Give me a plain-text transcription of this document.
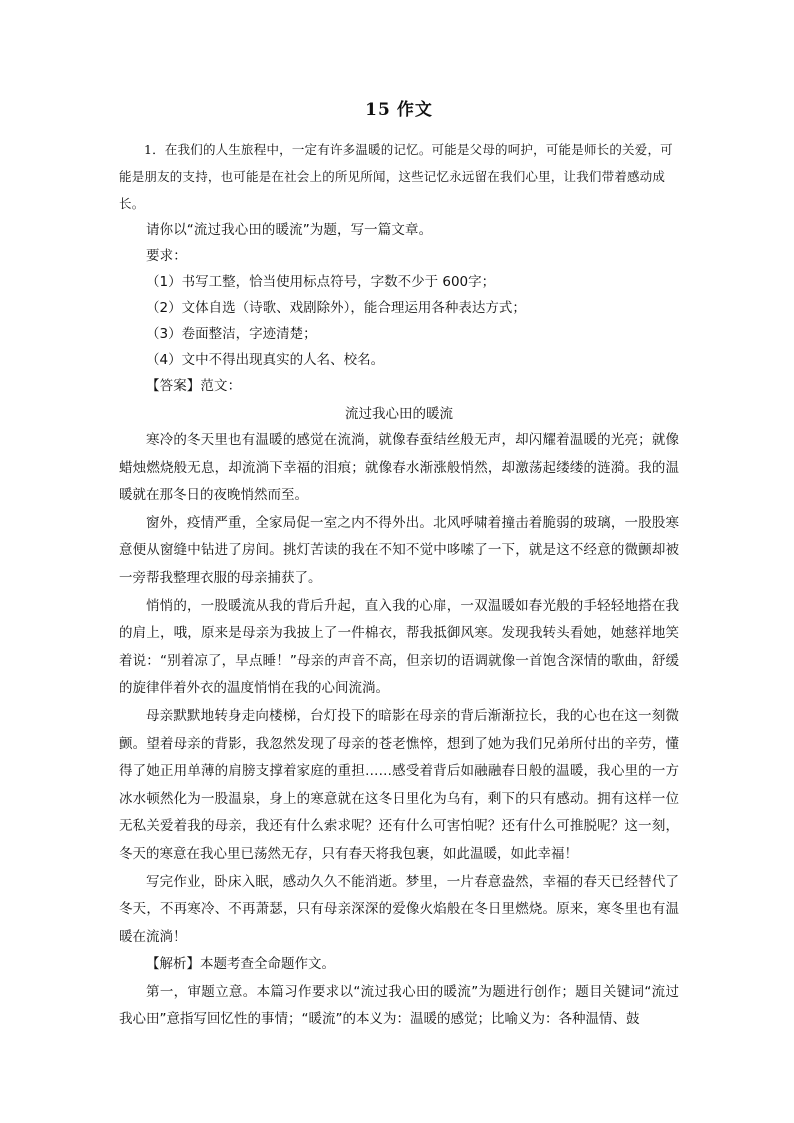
15 作文

1．在我们的人生旅程中，一定有许多温暖的记忆。可能是父母的呵护，可能是师长的关爱，可能是朋友的支持，也可能是在社会上的所见所闻，这些记忆永远留在我们心里，让我们带着感动成长。

请你以“流过我心田的暖流”为题，写一篇文章。

要求：

（1）书写工整，恰当使用标点符号，字数不少于 600字；

（2）文体自选（诗歌、戏剧除外），能合理运用各种表达方式；

（3）卷面整洁，字迹清楚；

（4）文中不得出现真实的人名、校名。

【答案】范文：

流过我心田的暖流

寒冷的冬天里也有温暖的感觉在流淌，就像春蚕结丝般无声，却闪耀着温暖的光亮；就像蜡烛燃烧般无息，却流淌下幸福的泪痕；就像春水渐涨般悄然，却激荡起缕缕的涟漪。我的温暖就在那冬日的夜晚悄然而至。

窗外，疫情严重，全家局促一室之内不得外出。北风呼啸着撞击着脆弱的玻璃，一股股寒意便从窗缝中钻进了房间。挑灯苦读的我在不知不觉中哆嗦了一下，就是这不经意的微颤却被一旁帮我整理衣服的母亲捕获了。

悄悄的，一股暖流从我的背后升起，直入我的心扉，一双温暖如春光般的手轻轻地搭在我的肩上，哦，原来是母亲为我披上了一件棉衣，帮我抵御风寒。发现我转头看她，她慈祥地笑着说：“别着凉了，早点睡！”母亲的声音不高，但亲切的语调就像一首饱含深情的歌曲，舒缓的旋律伴着外衣的温度悄悄在我的心间流淌。

母亲默默地转身走向楼梯，台灯投下的暗影在母亲的背后渐渐拉长，我的心也在这一刻微颤。望着母亲的背影，我忽然发现了母亲的苍老憔悴，想到了她为我们兄弟所付出的辛劳，懂得了她正用单薄的肩膀支撑着家庭的重担……感受着背后如融融春日般的温暖，我心里的一方冰水顿然化为一股温泉，身上的寒意就在这冬日里化为乌有，剩下的只有感动。拥有这样一位无私关爱着我的母亲，我还有什么索求呢？还有什么可害怕呢？还有什么可推脱呢？这一刻，冬天的寒意在我心里已荡然无存，只有春天将我包裹，如此温暖，如此幸福！

写完作业，卧床入眠，感动久久不能消逝。梦里，一片春意盎然，幸福的春天已经替代了冬天，不再寒冷、不再萧瑟，只有母亲深深的爱像火焰般在冬日里燃烧。原来，寒冬里也有温暖在流淌！

【解析】本题考查全命题作文。

第一，审题立意。本篇习作要求以“流过我心田的暖流”为题进行创作；题目关键词“流过我心田”意指写回忆性的事情；“暖流”的本义为：温暖的感觉；比喻义为：各种温情、鼓
